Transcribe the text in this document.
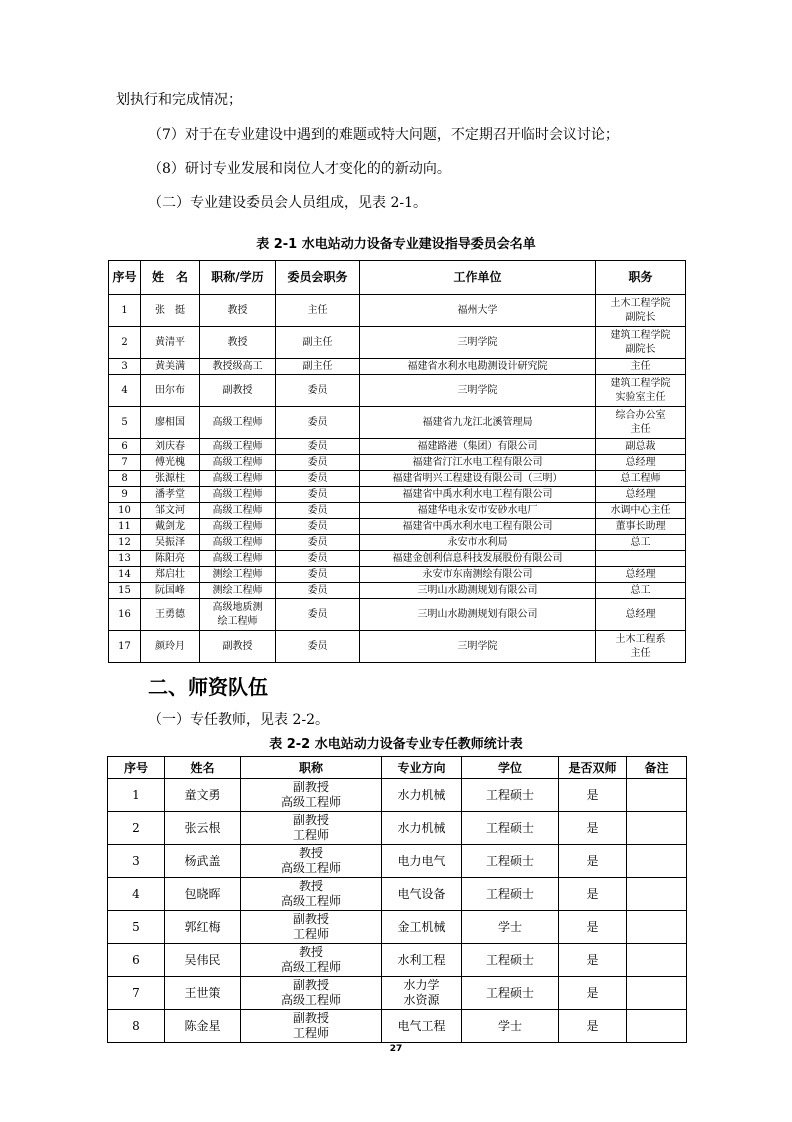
划执行和完成情况；
（7）对于在专业建设中遇到的难题或特大问题，不定期召开临时会议讨论；
（8）研讨专业发展和岗位人才变化的的新动向。
（二）专业建设委员会人员组成，见表 2-1。
表 2-1 水电站动力设备专业建设指导委员会名单
序号	姓　名	职称/学历	委员会职务	工作单位	职务
1	张　挺	教授	主任	福州大学	土木工程学院
副院长
2	黄清平	教授	副主任	三明学院	建筑工程学院
副院长
3	黄美满	教授级高工	副主任	福建省水利水电勘测设计研究院	主任
4	田尔布	副教授	委员	三明学院	建筑工程学院
实验室主任
5	廖相国	高级工程师	委员	福建省九龙江北溪管理局	综合办公室
主任
6	刘庆春	高级工程师	委员	福建路港（集团）有限公司	副总裁
7	傅光槐	高级工程师	委员	福建省汀江水电工程有限公司	总经理
8	张源柱	高级工程师	委员	福建省明兴工程建设有限公司（三明）	总工程师
9	潘孝堂	高级工程师	委员	福建省中禹水利水电工程有限公司	总经理
10	邹文河	高级工程师	委员	福建华电永安市安砂水电厂	水调中心主任
11	戴剑龙	高级工程师	委员	福建省中禹水利水电工程有限公司	董事长助理
12	吴振泽	高级工程师	委员	永安市水利局	总工
13	陈阳亮	高级工程师	委员	福建金创利信息科技发展股份有限公司	
14	郑启壮	测绘工程师	委员	永安市东南测绘有限公司	总经理
15	阮国峰	测绘工程师	委员	三明山水勘测规划有限公司	总工
16	王勇德	高级地质测
绘工程师	委员	三明山水勘测规划有限公司	总经理
17	颜玲月	副教授	委员	三明学院	土木工程系
主任
二、师资队伍
（一）专任教师，见表 2-2。
表 2-2 水电站动力设备专业专任教师统计表
序号	姓名	职称	专业方向	学位	是否双师	备注
1	童文勇	副教授
高级工程师	水力机械	工程硕士	是	
2	张云根	副教授
工程师	水力机械	工程硕士	是	
3	杨武盖	教授
高级工程师	电力电气	工程硕士	是	
4	包晓晖	教授
高级工程师	电气设备	工程硕士	是	
5	郭红梅	副教授
工程师	金工机械	学士	是	
6	吴伟民	教授
高级工程师	水利工程	工程硕士	是	
7	王世策	副教授
高级工程师	水力学
水资源	工程硕士	是	
8	陈金星	副教授
工程师	电气工程	学士	是	
27
